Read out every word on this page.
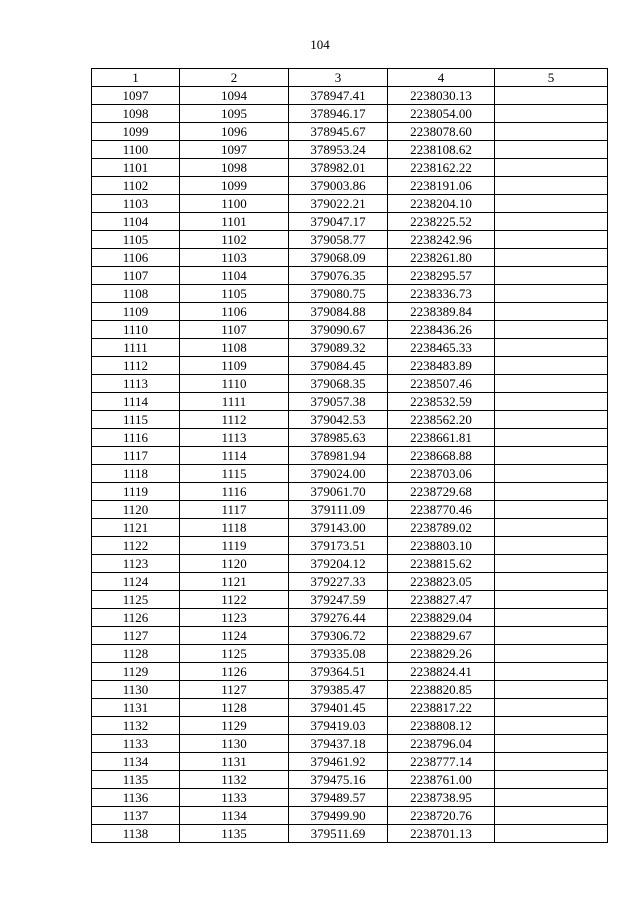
104
1	2	3	4	5
1097	1094	378947.41	2238030.13	
1098	1095	378946.17	2238054.00	
1099	1096	378945.67	2238078.60	
1100	1097	378953.24	2238108.62	
1101	1098	378982.01	2238162.22	
1102	1099	379003.86	2238191.06	
1103	1100	379022.21	2238204.10	
1104	1101	379047.17	2238225.52	
1105	1102	379058.77	2238242.96	
1106	1103	379068.09	2238261.80	
1107	1104	379076.35	2238295.57	
1108	1105	379080.75	2238336.73	
1109	1106	379084.88	2238389.84	
1110	1107	379090.67	2238436.26	
1111	1108	379089.32	2238465.33	
1112	1109	379084.45	2238483.89	
1113	1110	379068.35	2238507.46	
1114	1111	379057.38	2238532.59	
1115	1112	379042.53	2238562.20	
1116	1113	378985.63	2238661.81	
1117	1114	378981.94	2238668.88	
1118	1115	379024.00	2238703.06	
1119	1116	379061.70	2238729.68	
1120	1117	379111.09	2238770.46	
1121	1118	379143.00	2238789.02	
1122	1119	379173.51	2238803.10	
1123	1120	379204.12	2238815.62	
1124	1121	379227.33	2238823.05	
1125	1122	379247.59	2238827.47	
1126	1123	379276.44	2238829.04	
1127	1124	379306.72	2238829.67	
1128	1125	379335.08	2238829.26	
1129	1126	379364.51	2238824.41	
1130	1127	379385.47	2238820.85	
1131	1128	379401.45	2238817.22	
1132	1129	379419.03	2238808.12	
1133	1130	379437.18	2238796.04	
1134	1131	379461.92	2238777.14	
1135	1132	379475.16	2238761.00	
1136	1133	379489.57	2238738.95	
1137	1134	379499.90	2238720.76	
1138	1135	379511.69	2238701.13	
